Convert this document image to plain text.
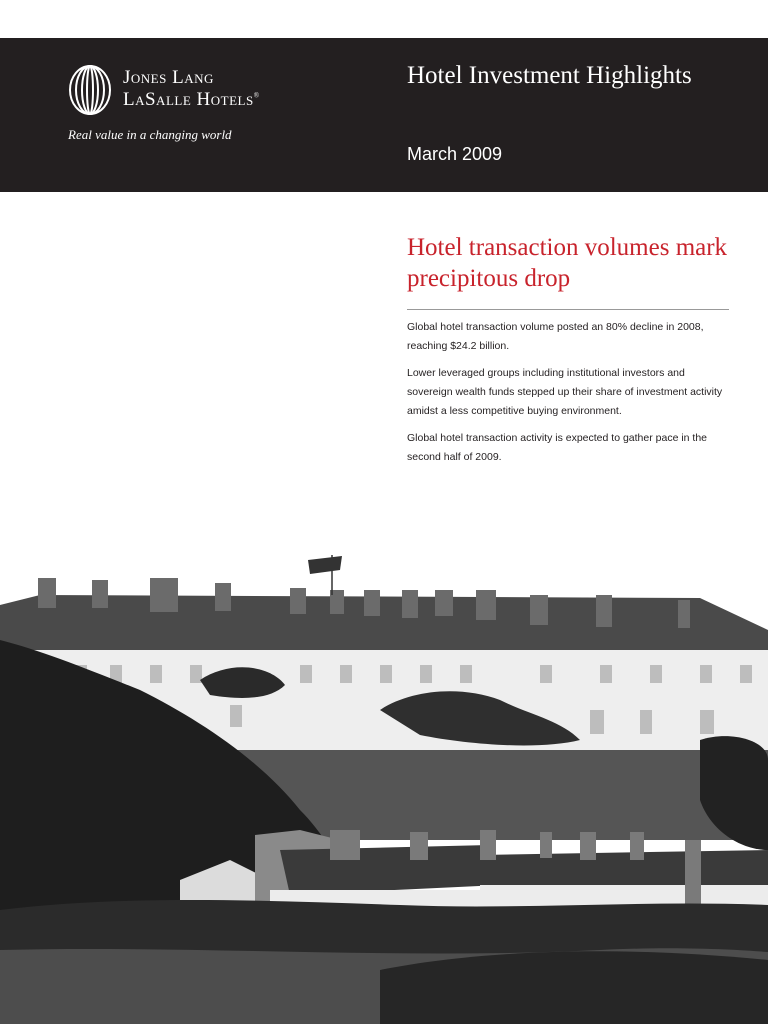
Jones Lang
LaSalle Hotels®
Real value in a changing world
Hotel Investment Highlights
March 2009
Hotel transaction volumes mark precipitous drop

Global hotel transaction volume posted an 80% decline in 2008, reaching $24.2 billion.

Lower leveraged groups including institutional investors and sovereign wealth funds stepped up their share of investment activity amidst a less competitive buying environment.

Global hotel transaction activity is expected to gather pace in the second half of 2009.
